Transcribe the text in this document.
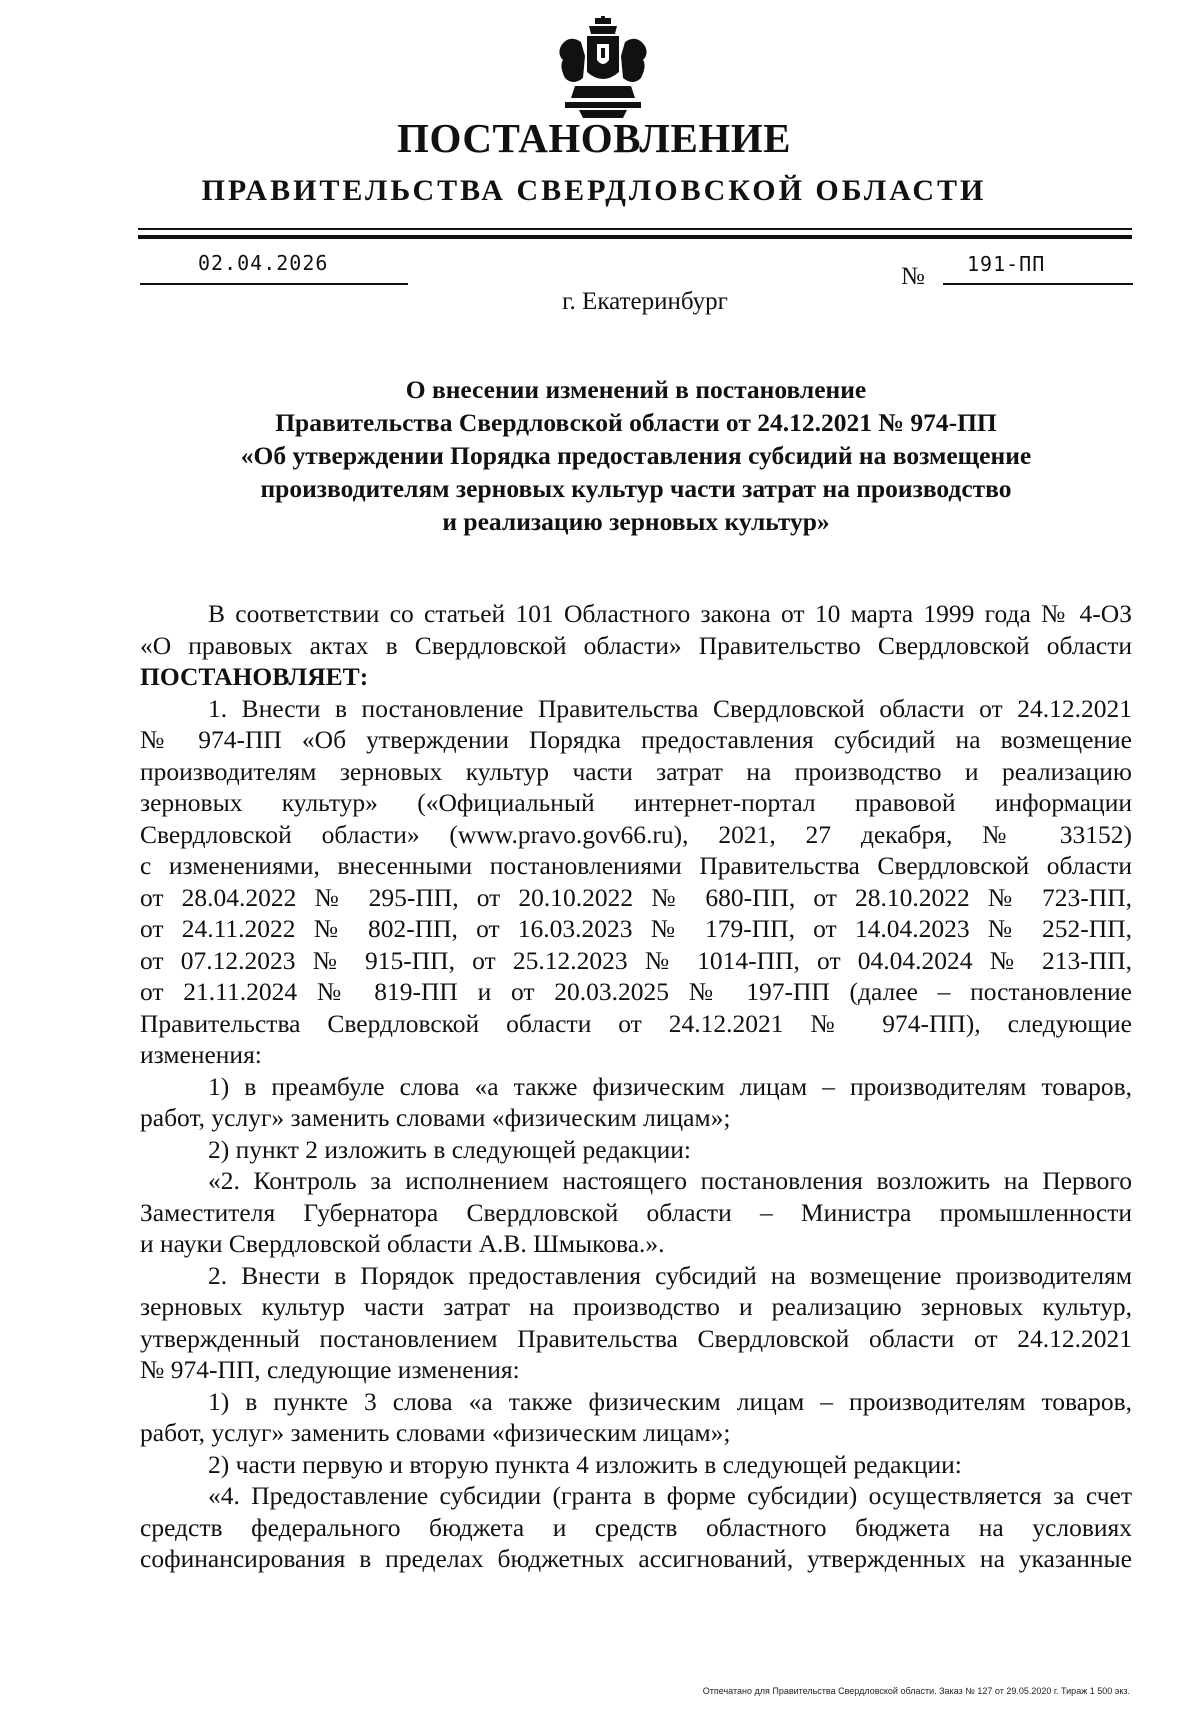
ПОСТАНОВЛЕНИЕ
ПРАВИТЕЛЬСТВА СВЕРДЛОВСКОЙ ОБЛАСТИ
02.04.2026	№ 191-ПП
г. Екатеринбург
О внесении изменений в постановление
Правительства Свердловской области от 24.12.2021 № 974-ПП
«Об утверждении Порядка предоставления субсидий на возмещение
производителям зерновых культур части затрат на производство
и реализацию зерновых культур»
В соответствии со статьей 101 Областного закона от 10 марта 1999 года № 4-ОЗ
«О правовых актах в Свердловской области» Правительство Свердловской области
ПОСТАНОВЛЯЕТ:
1. Внести в постановление Правительства Свердловской области от 24.12.2021
№ 974-ПП «Об утверждении Порядка предоставления субсидий на возмещение
производителям зерновых культур части затрат на производство и реализацию
зерновых культур» («Официальный интернет-портал правовой информации
Свердловской области» (www.pravo.gov66.ru), 2021, 27 декабря, № 33152)
с изменениями, внесенными постановлениями Правительства Свердловской области
от 28.04.2022 № 295-ПП, от 20.10.2022 № 680-ПП, от 28.10.2022 № 723-ПП,
от 24.11.2022 № 802-ПП, от 16.03.2023 № 179-ПП, от 14.04.2023 № 252-ПП,
от 07.12.2023 № 915-ПП, от 25.12.2023 № 1014-ПП, от 04.04.2024 № 213-ПП,
от 21.11.2024 № 819-ПП и от 20.03.2025 № 197-ПП (далее – постановление
Правительства Свердловской области от 24.12.2021 № 974-ПП), следующие
изменения:
1) в преамбуле слова «а также физическим лицам – производителям товаров,
работ, услуг» заменить словами «физическим лицам»;
2) пункт 2 изложить в следующей редакции:
«2. Контроль за исполнением настоящего постановления возложить на Первого
Заместителя Губернатора Свердловской области – Министра промышленности
и науки Свердловской области А.В. Шмыкова.».
2. Внести в Порядок предоставления субсидий на возмещение производителям
зерновых культур части затрат на производство и реализацию зерновых культур,
утвержденный постановлением Правительства Свердловской области от 24.12.2021
№ 974-ПП, следующие изменения:
1) в пункте 3 слова «а также физическим лицам – производителям товаров,
работ, услуг» заменить словами «физическим лицам»;
2) части первую и вторую пункта 4 изложить в следующей редакции:
«4. Предоставление субсидии (гранта в форме субсидии) осуществляется за счет
средств федерального бюджета и средств областного бюджета на условиях
софинансирования в пределах бюджетных ассигнований, утвержденных на указанные
Отпечатано для Правительства Свердловской области. Заказ № 127 от 29.05.2020 г. Тираж 1 500 экз.
